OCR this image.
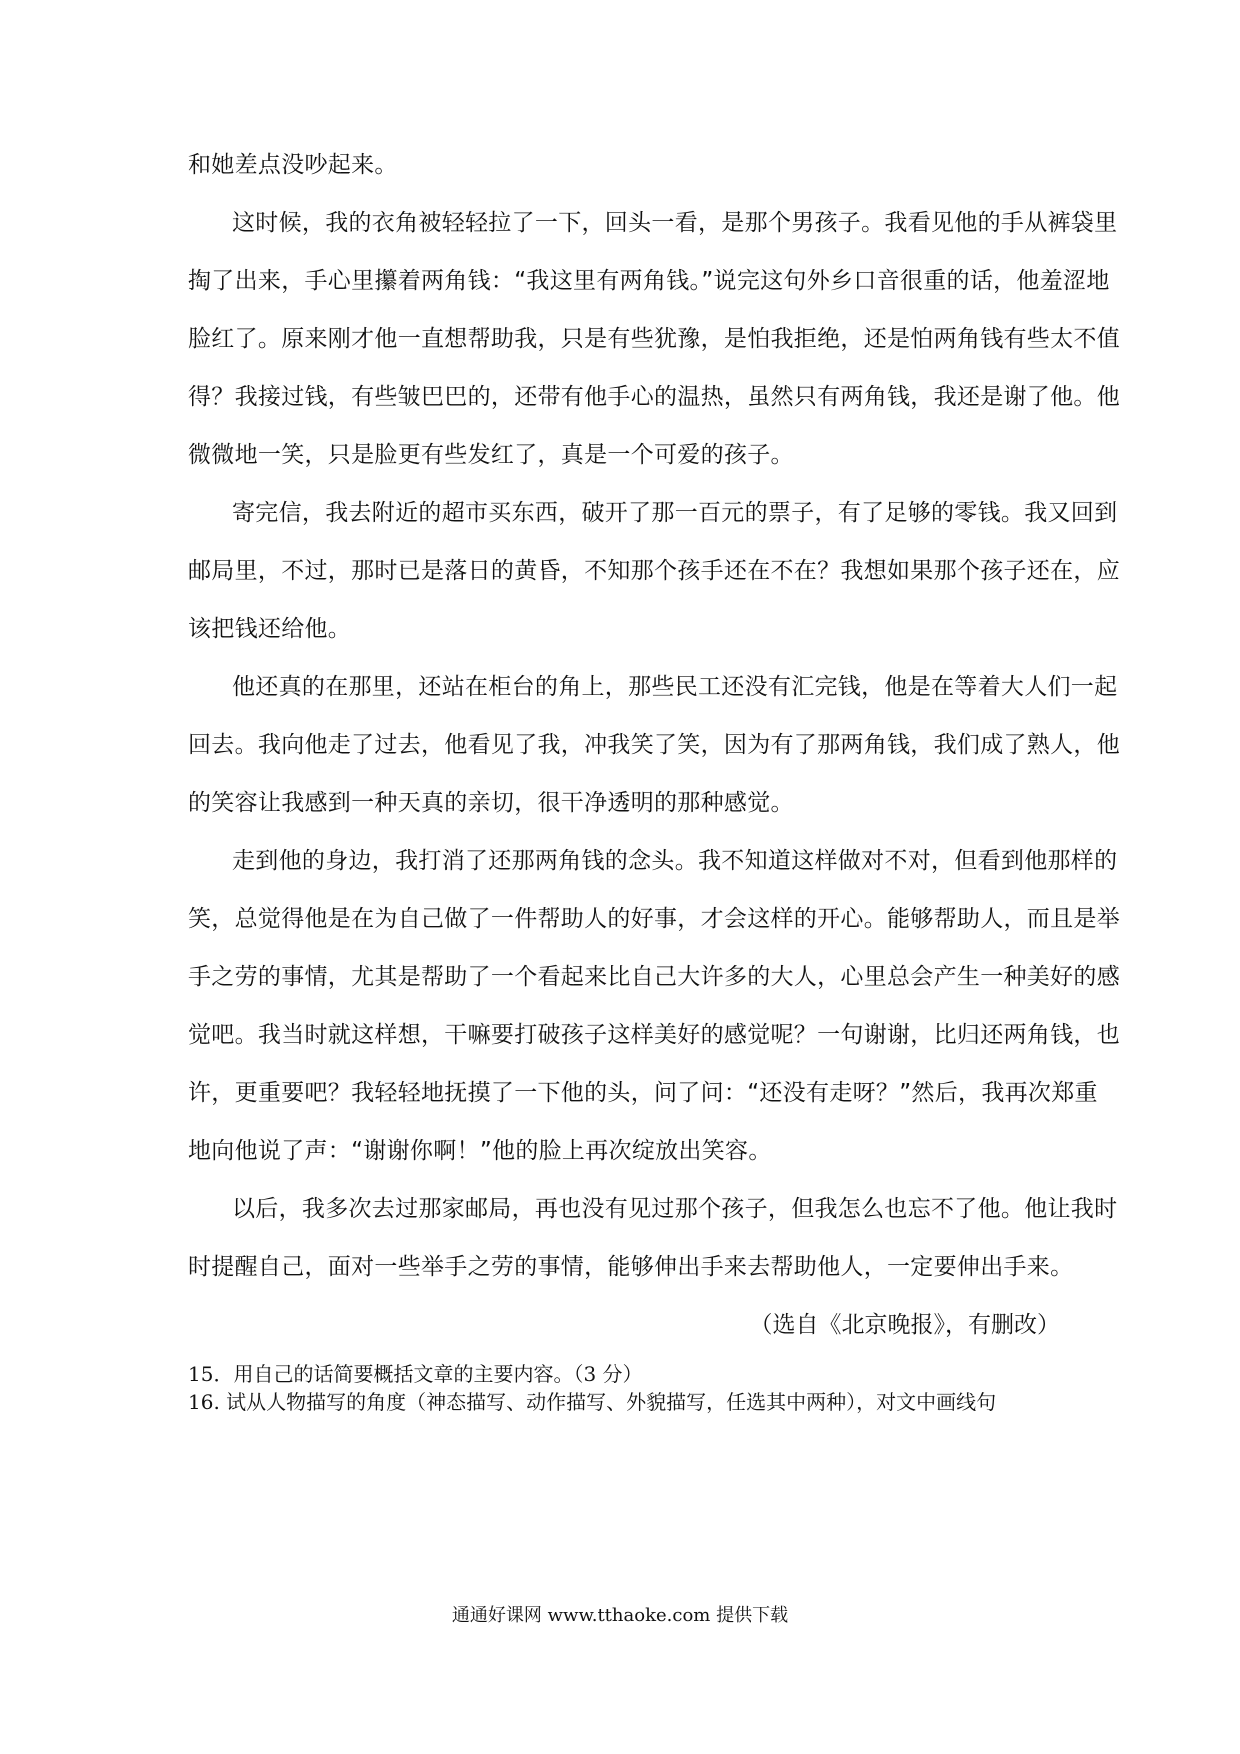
和她差点没吵起来。
这时候，我的衣角被轻轻拉了一下，回头一看，是那个男孩子。我看见他的手从裤袋里
掏了出来，手心里攥着两角钱：“我这里有两角钱。”说完这句外乡口音很重的话，他羞涩地
脸红了。原来刚才他一直想帮助我，只是有些犹豫，是怕我拒绝，还是怕两角钱有些太不值
得？我接过钱，有些皱巴巴的，还带有他手心的温热，虽然只有两角钱，我还是谢了他。他
微微地一笑，只是脸更有些发红了，真是一个可爱的孩子。
寄完信，我去附近的超市买东西，破开了那一百元的票子，有了足够的零钱。我又回到
邮局里，不过，那时已是落日的黄昏，不知那个孩手还在不在？我想如果那个孩子还在，应
该把钱还给他。
他还真的在那里，还站在柜台的角上，那些民工还没有汇完钱，他是在等着大人们一起
回去。我向他走了过去，他看见了我，冲我笑了笑，因为有了那两角钱，我们成了熟人，他
的笑容让我感到一种天真的亲切，很干净透明的那种感觉。
走到他的身边，我打消了还那两角钱的念头。我不知道这样做对不对，但看到他那样的
笑，总觉得他是在为自己做了一件帮助人的好事，才会这样的开心。能够帮助人，而且是举
手之劳的事情，尤其是帮助了一个看起来比自己大许多的大人，心里总会产生一种美好的感
觉吧。我当时就这样想，干嘛要打破孩子这样美好的感觉呢？一句谢谢，比归还两角钱，也
许，更重要吧？我轻轻地抚摸了一下他的头，问了问：“还没有走呀？”然后，我再次郑重
地向他说了声：“谢谢你啊！”他的脸上再次绽放出笑容。
以后，我多次去过那家邮局，再也没有见过那个孩子，但我怎么也忘不了他。他让我时
时提醒自己，面对一些举手之劳的事情，能够伸出手来去帮助他人，一定要伸出手来。
（选自《北京晚报》，有删改）
15．用自己的话简要概括文章的主要内容。（3 分）
16. 试从人物描写的角度（神态描写、动作描写、外貌描写，任选其中两种），对文中画线句
通通好课网 www.tthaoke.com 提供下载
